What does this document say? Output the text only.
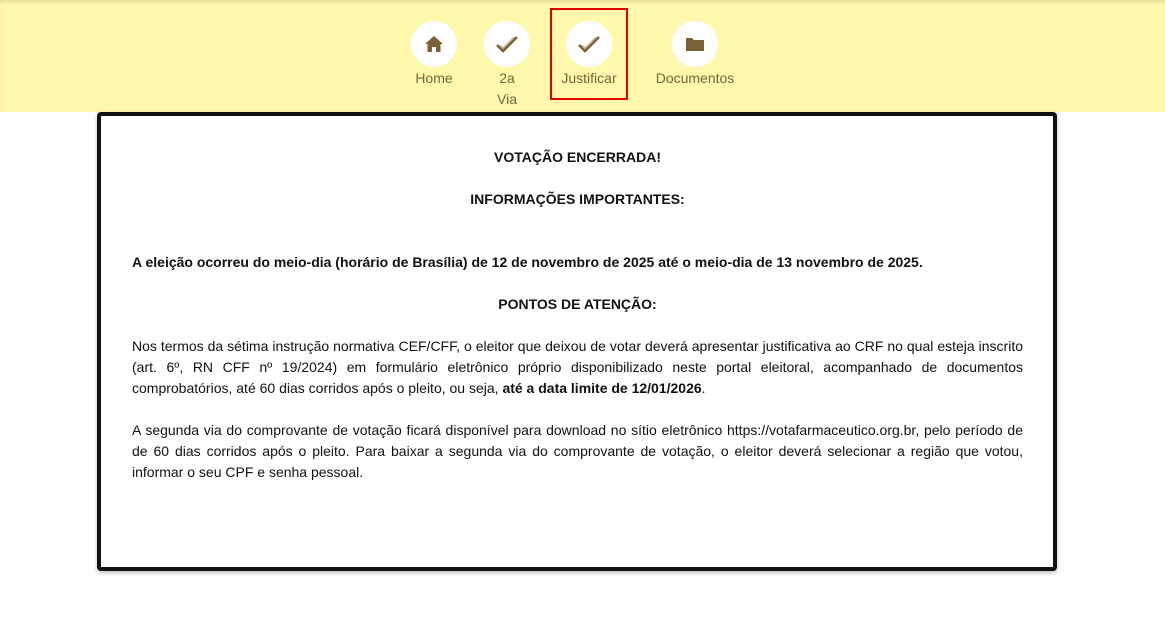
Home	2a
Via
Justificar	Documentos
VOTAÇÃO ENCERRADA!
INFORMAÇÕES IMPORTANTES:
A eleição ocorreu do meio-dia (horário de Brasília) de 12 de novembro de 2025 até o meio-dia de 13 novembro de 2025.
PONTOS DE ATENÇÃO:
Nos termos da sétima instrução normativa CEF/CFF, o eleitor que deixou de votar deverá apresentar justificativa ao CRF no qual esteja inscrito (art. 6º, RN CFF nº 19/2024) em formulário eletrônico próprio disponibilizado neste portal eleitoral, acompanhado de documentos comprobatórios, até 60 dias corridos após o pleito, ou seja, até a data limite de 12/01/2026.
A segunda via do comprovante de votação ficará disponível para download no sítio eletrônico https://votafarmaceutico.org.br, pelo período de de 60 dias corridos após o pleito. Para baixar a segunda via do comprovante de votação, o eleitor deverá selecionar a região que votou, informar o seu CPF e senha pessoal.
